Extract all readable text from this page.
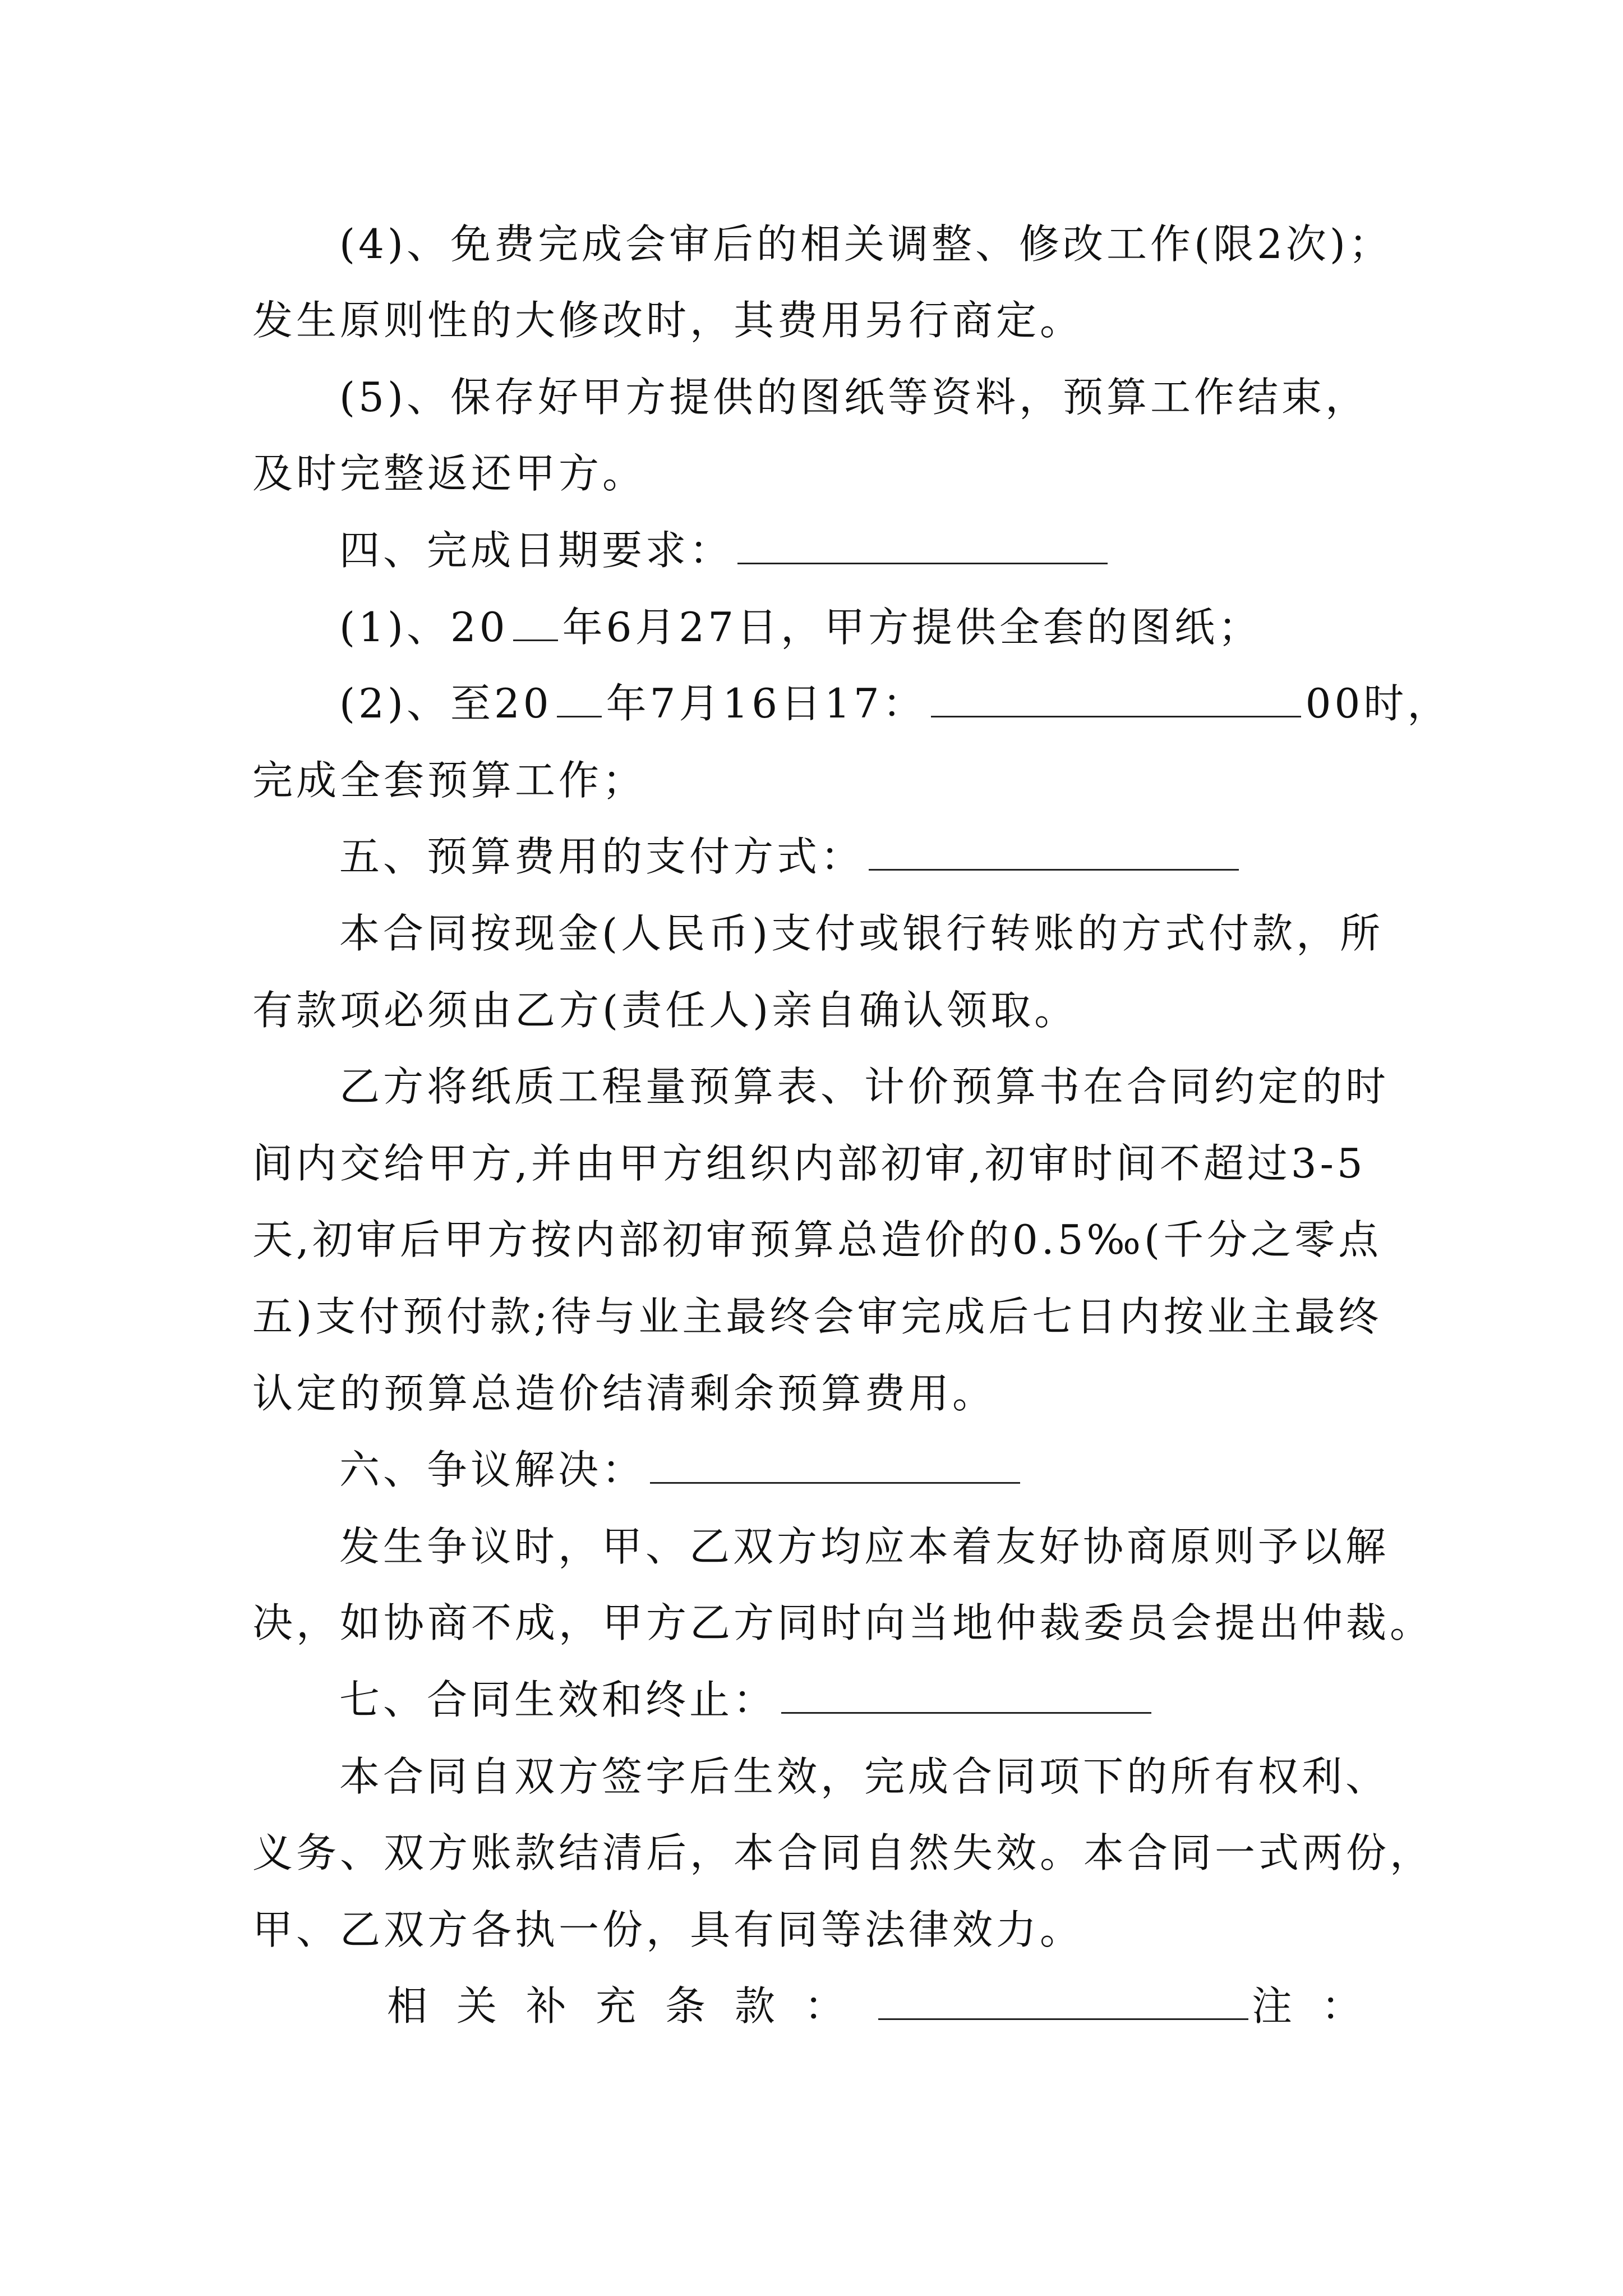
(4)、免费完成会审后的相关调整、修改工作(限2次)；
发生原则性的大修改时，其费用另行商定。
(5)、保存好甲方提供的图纸等资料，预算工作结束，
及时完整返还甲方。
四、完成日期要求：
(1)、20 年6月27日，甲方提供全套的图纸；
(2)、至20 年7月16日17：	00时，
完成全套预算工作；
五、预算费用的支付方式：
本合同按现金(人民币)支付或银行转账的方式付款，所
有款项必须由乙方(责任人)亲自确认领取。
乙方将纸质工程量预算表、计价预算书在合同约定的时
间内交给甲方,并由甲方组织内部初审,初审时间不超过3-5
天,初审后甲方按内部初审预算总造价的0.5‰(千分之零点
五)支付预付款;待与业主最终会审完成后七日内按业主最终
认定的预算总造价结清剩余预算费用。
六、争议解决：
发生争议时，甲、乙双方均应本着友好协商原则予以解
决，如协商不成，甲方乙方同时向当地仲裁委员会提出仲裁。
七、合同生效和终止：
本合同自双方签字后生效，完成合同项下的所有权利、
义务、双方账款结清后，本合同自然失效。本合同一式两份，
甲、乙双方各执一份，具有同等法律效力。
相关补充条款：	注：
